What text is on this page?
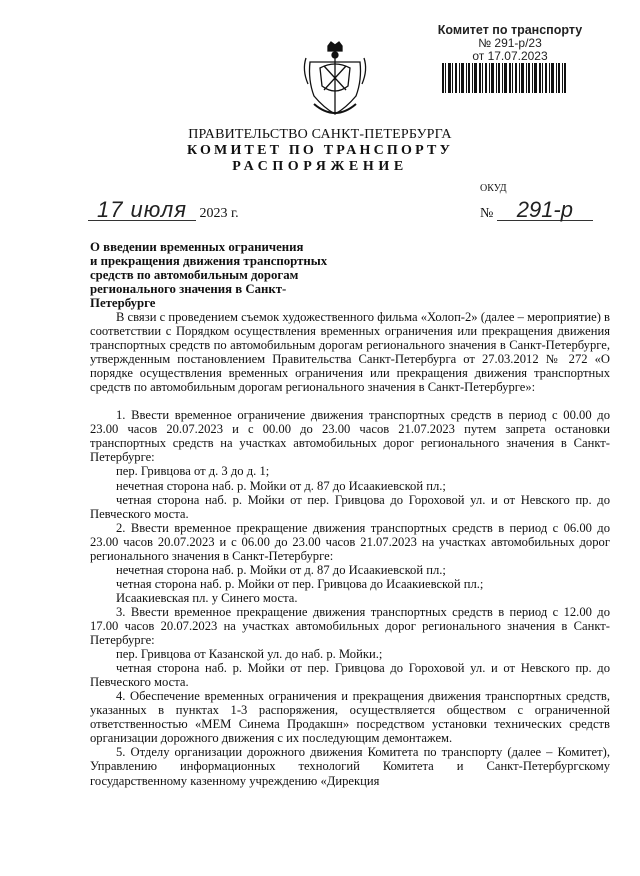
Комитет по транспорту
№ 291-р/23
от 17.07.2023
ПРАВИТЕЛЬСТВО САНКТ-ПЕТЕРБУРГА
КОМИТЕТ ПО ТРАНСПОРТУ
РАСПОРЯЖЕНИЕ
ОКУД
17 июля 2023 г.	№ 291-р
О введении временных ограничения
и прекращения движения транспортных
средств по автомобильным дорогам
регионального значения в Санкт-Петербурге

В связи с проведением съемок художественного фильма «Холоп-2» (далее – мероприятие) в соответствии с Порядком осуществления временных ограничения или прекращения движения транспортных средств по автомобильным дорогам регионального значения в Санкт-Петербурге, утвержденным постановлением Правительства Санкт-Петербурга от 27.03.2012 № 272 «О порядке осуществления временных ограничения или прекращения движения транспортных средств по автомобильным дорогам регионального значения в Санкт-Петербурге»:

1. Ввести временное ограничение движения транспортных средств в период с 00.00 до 23.00 часов 20.07.2023 и с 00.00 до 23.00 часов 21.07.2023 путем запрета остановки транспортных средств на участках автомобильных дорог регионального значения в Санкт-Петербурге:

пер. Гривцова от д. 3 до д. 1;

нечетная сторона наб. р. Мойки от д. 87 до Исаакиевской пл.;

четная сторона наб. р. Мойки от пер. Гривцова до Гороховой ул. и от Невского пр. до Певческого моста.

2. Ввести временное прекращение движения транспортных средств в период с 06.00 до 23.00 часов 20.07.2023 и с 06.00 до 23.00 часов 21.07.2023 на участках автомобильных дорог регионального значения в Санкт-Петербурге:

нечетная сторона наб. р. Мойки от д. 87 до Исаакиевской пл.;

четная сторона наб. р. Мойки от пер. Гривцова до Исаакиевской пл.;

Исаакиевская пл. у Синего моста.

3. Ввести временное прекращение движения транспортных средств в период с 12.00 до 17.00 часов 20.07.2023 на участках автомобильных дорог регионального значения в Санкт-Петербурге:

пер. Гривцова от Казанской ул. до наб. р. Мойки.;

четная сторона наб. р. Мойки от пер. Гривцова до Гороховой ул. и от Невского пр. до Певческого моста.

4. Обеспечение временных ограничения и прекращения движения транспортных средств, указанных в пунктах 1-3 распоряжения, осуществляется обществом с ограниченной ответственностью «МЕМ Синема Продакшн» посредством установки технических средств организации дорожного движения с их последующим демонтажем.

5. Отделу организации дорожного движения Комитета по транспорту (далее – Комитет), Управлению информационных технологий Комитета и Санкт-Петербургскому государственному казенному учреждению «Дирекция
